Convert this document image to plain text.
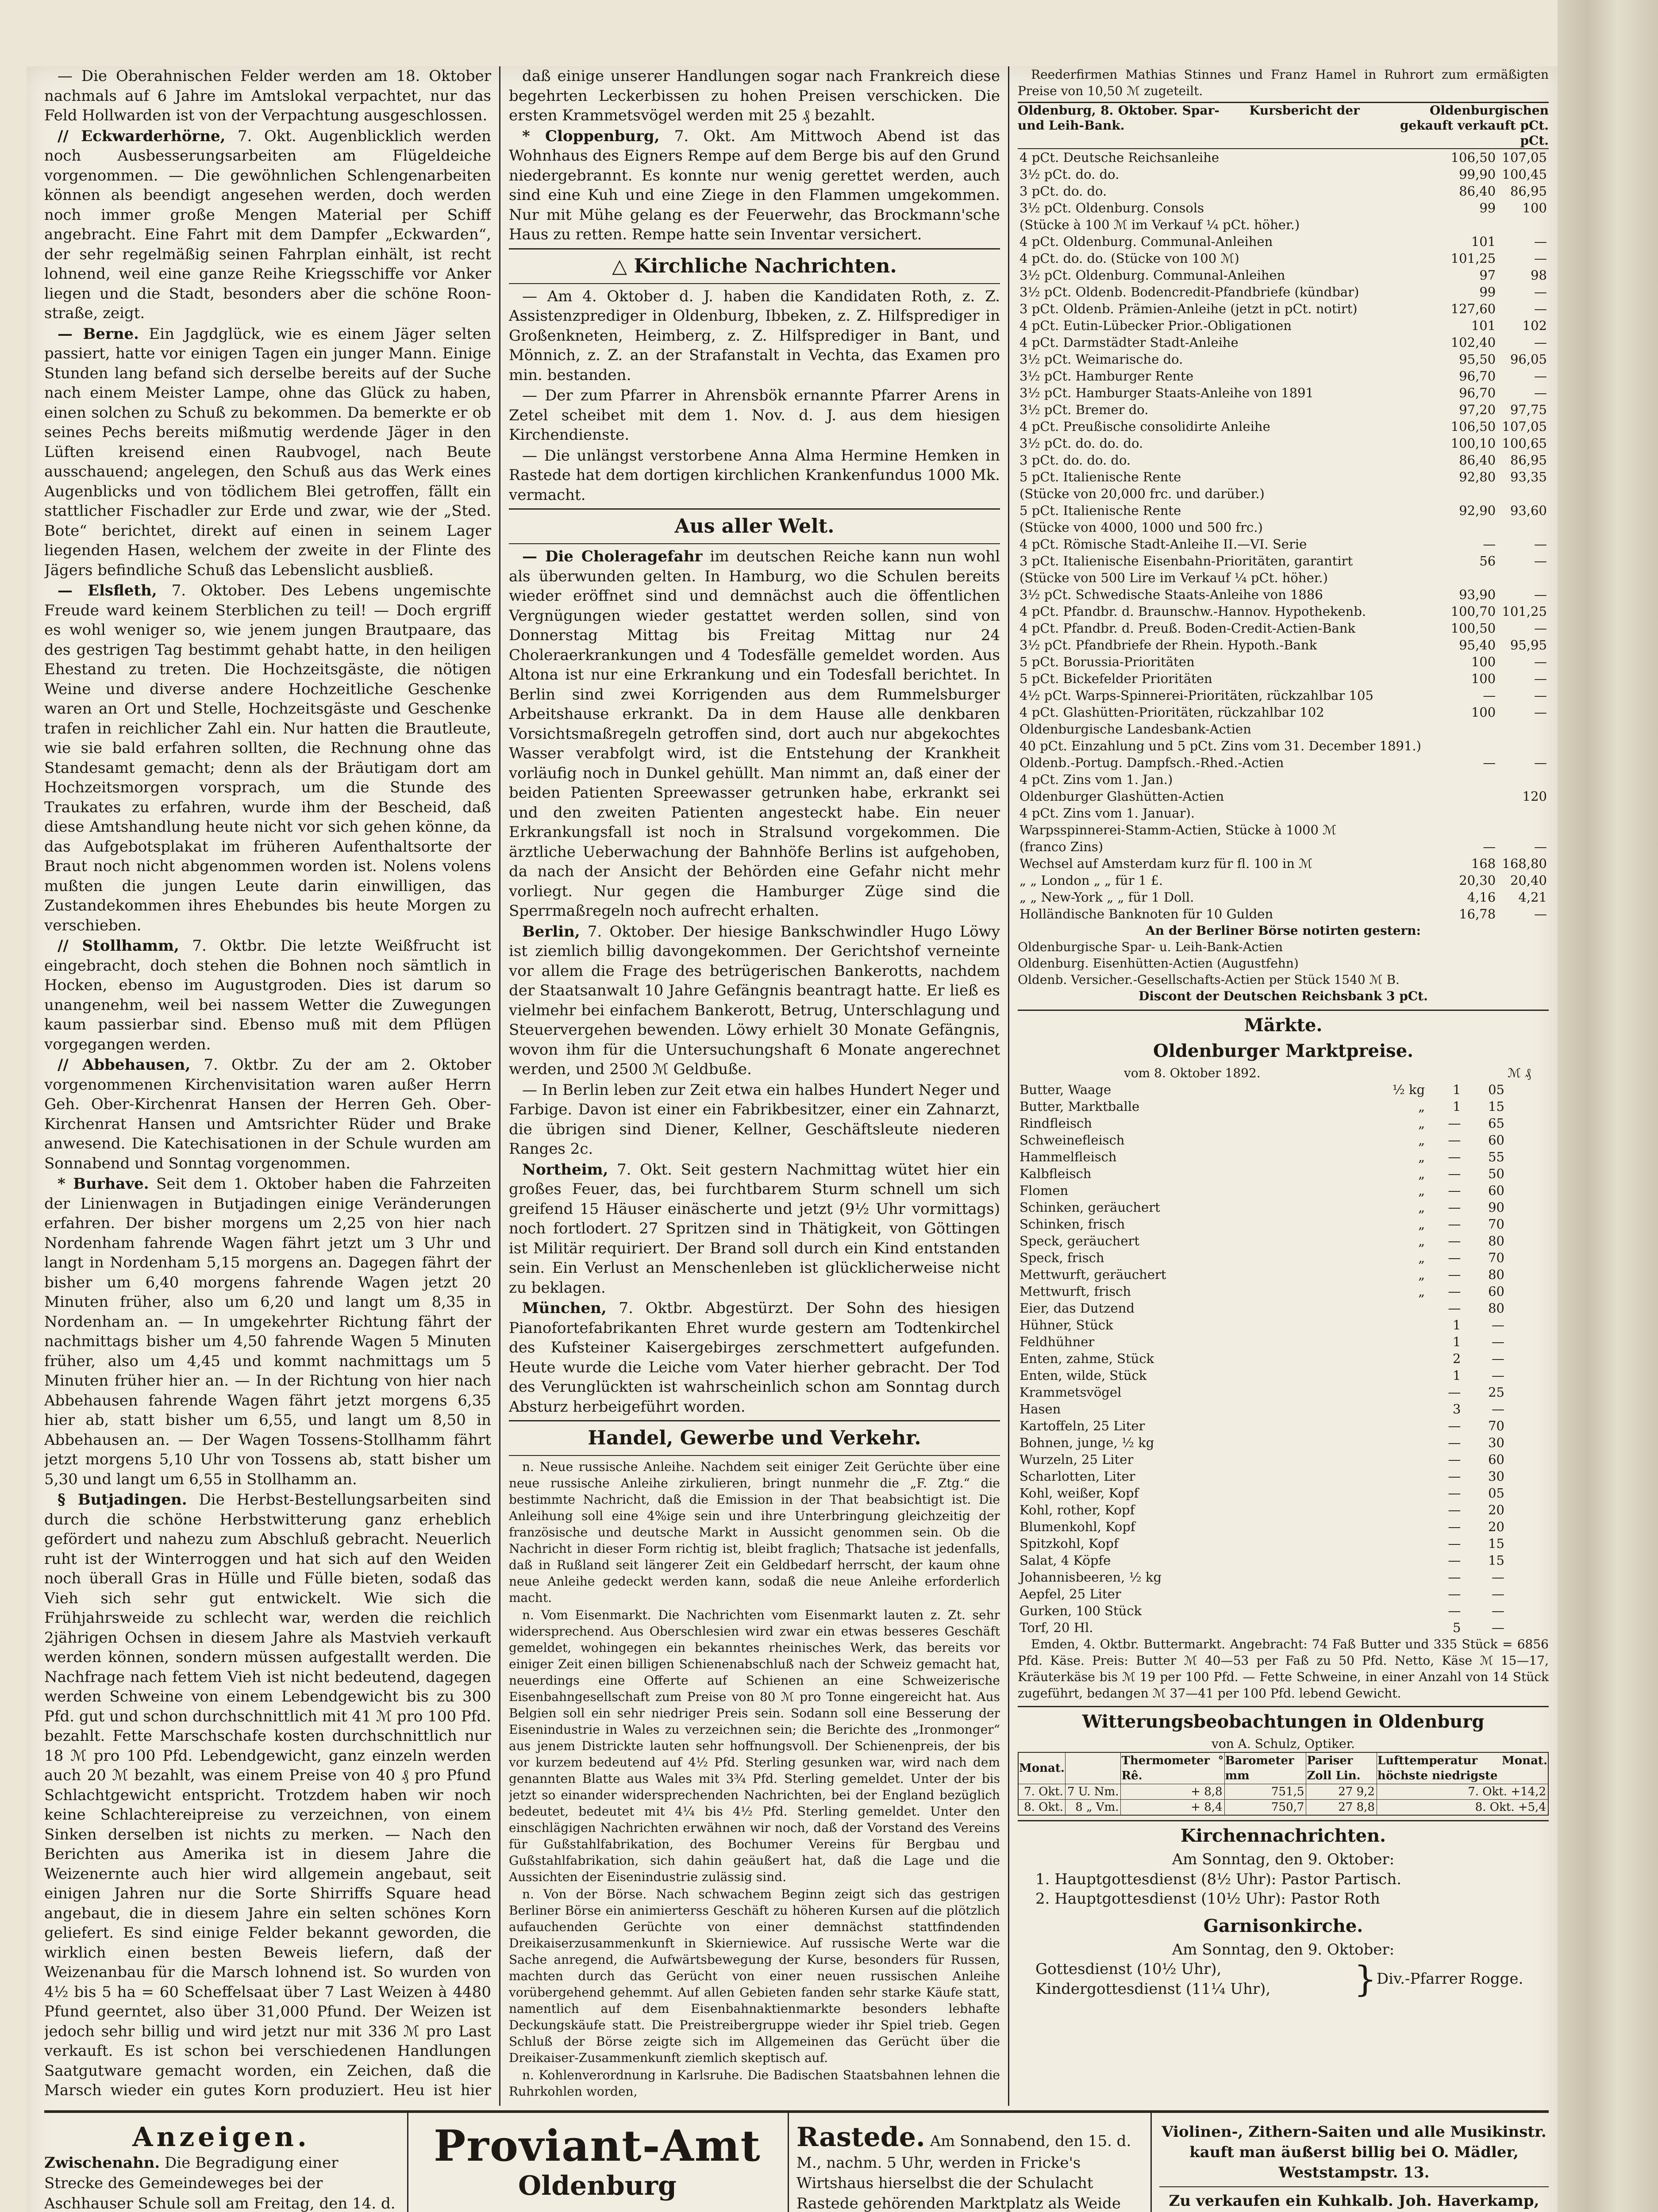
— Die Oberahnischen Felder werden am 18. Oktober nachmals auf 6 Jahre im Amtslokal verpachtet, nur das Feld Hollwarden ist von der Verpachtung ausgeschlossen.

// Eckwarderhörne, 7. Okt. Augenblicklich werden noch Ausbesserungsarbeiten am Flügeldeiche vorgenommen. — Die gewöhnlichen Schlengenarbeiten können als beendigt angesehen werden, doch werden noch immer große Mengen Material per Schiff angebracht. Eine Fahrt mit dem Dampfer „Eckwarden“, der sehr regelmäßig seinen Fahrplan einhält, ist recht lohnend, weil eine ganze Reihe Kriegsschiffe vor Anker liegen und die Stadt, besonders aber die schöne Roon-straße, zeigt.

— Berne. Ein Jagdglück, wie es einem Jäger selten passiert, hatte vor einigen Tagen ein junger Mann. Einige Stunden lang befand sich derselbe bereits auf der Suche nach einem Meister Lampe, ohne das Glück zu haben, einen solchen zu Schuß zu bekommen. Da bemerkte er ob seines Pechs bereits mißmutig werdende Jäger in den Lüften kreisend einen Raubvogel, nach Beute ausschauend; angelegen, den Schuß aus das Werk eines Augenblicks und von tödlichem Blei getroffen, fällt ein stattlicher Fischadler zur Erde und zwar, wie der „Sted. Bote“ berichtet, direkt auf einen in seinem Lager liegenden Hasen, welchem der zweite in der Flinte des Jägers befindliche Schuß das Lebenslicht ausbließ.

— Elsfleth, 7. Oktober. Des Lebens ungemischte Freude ward keinem Sterblichen zu teil! — Doch ergriff es wohl weniger so, wie jenem jungen Brautpaare, das des gestrigen Tag bestimmt gehabt hatte, in den heiligen Ehestand zu treten. Die Hochzeitsgäste, die nötigen Weine und diverse andere Hochzeitliche Geschenke waren an Ort und Stelle, Hochzeitsgäste und Geschenke trafen in reichlicher Zahl ein. Nur hatten die Brautleute, wie sie bald erfahren sollten, die Rechnung ohne das Standesamt gemacht; denn als der Bräutigam dort am Hochzeitsmorgen vorsprach, um die Stunde des Traukates zu erfahren, wurde ihm der Bescheid, daß diese Amtshandlung heute nicht vor sich gehen könne, da das Aufgebotsplakat im früheren Aufenthaltsorte der Braut noch nicht abgenommen worden ist. Nolens volens mußten die jungen Leute darin einwilligen, das Zustandekommen ihres Ehebundes bis heute Morgen zu verschieben.

// Stollhamm, 7. Oktbr. Die letzte Weißfrucht ist eingebracht, doch stehen die Bohnen noch sämtlich in Hocken, ebenso im Augustgroden. Dies ist darum so unangenehm, weil bei nassem Wetter die Zuwegungen kaum passierbar sind. Ebenso muß mit dem Pflügen vorgegangen werden.

// Abbehausen, 7. Oktbr. Zu der am 2. Oktober vorgenommenen Kirchenvisitation waren außer Herrn Geh. Ober-Kirchenrat Hansen der Herren Geh. Ober-Kirchenrat Hansen und Amtsrichter Rüder und Brake anwesend. Die Katechisationen in der Schule wurden am Sonnabend und Sonntag vorgenommen.

* Burhave. Seit dem 1. Oktober haben die Fahrzeiten der Linienwagen in Butjadingen einige Veränderungen erfahren. Der bisher morgens um 2,25 von hier nach Nordenham fahrende Wagen fährt jetzt um 3 Uhr und langt in Nordenham 5,15 morgens an. Dagegen fährt der bisher um 6,40 morgens fahrende Wagen jetzt 20 Minuten früher, also um 6,20 und langt um 8,35 in Nordenham an. — In umgekehrter Richtung fährt der nachmittags bisher um 4,50 fahrende Wagen 5 Minuten früher, also um 4,45 und kommt nachmittags um 5 Minuten früher hier an. — In der Richtung von hier nach Abbehausen fahrende Wagen fährt jetzt morgens 6,35 hier ab, statt bisher um 6,55, und langt um 8,50 in Abbehausen an. — Der Wagen Tossens-Stollhamm fährt jetzt morgens 5,10 Uhr von Tossens ab, statt bisher um 5,30 und langt um 6,55 in Stollhamm an.

§ Butjadingen. Die Herbst-Bestellungsarbeiten sind durch die schöne Herbstwitterung ganz erheblich gefördert und nahezu zum Abschluß gebracht. Neuerlich ruht ist der Winterroggen und hat sich auf den Weiden noch überall Gras in Hülle und Fülle bieten, sodaß das Vieh sich sehr gut entwickelt. Wie sich die Frühjahrsweide zu schlecht war, werden die reichlich 2jährigen Ochsen in diesem Jahre als Mastvieh verkauft werden können, sondern müssen aufgestallt werden. Die Nachfrage nach fettem Vieh ist nicht bedeutend, dagegen werden Schweine von einem Lebendgewicht bis zu 300 Pfd. gut und schon durchschnittlich mit 41 ℳ pro 100 Pfd. bezahlt. Fette Marschschafe kosten durchschnittlich nur 18 ℳ pro 100 Pfd. Lebendgewicht, ganz einzeln werden auch 20 ℳ bezahlt, was einem Preise von 40 ₰ pro Pfund Schlachtgewicht entspricht. Trotzdem haben wir noch keine Schlachtereipreise zu verzeichnen, von einem Sinken derselben ist nichts zu merken. — Nach den Berichten aus Amerika ist in diesem Jahre die Weizenernte auch hier wird allgemein angebaut, seit einigen Jahren nur die Sorte Shirriffs Square head angebaut, die in diesem Jahre ein selten schönes Korn geliefert. Es sind einige Felder bekannt geworden, die wirklich einen besten Beweis liefern, daß der Weizenanbau für die Marsch lohnend ist. So wurden von 4½ bis 5 ha = 60 Scheffelsaat über 7 Last Weizen à 4480 Pfund geerntet, also über 31,000 Pfund. Der Weizen ist jedoch sehr billig und wird jetzt nur mit 336 ℳ pro Last verkauft. Es ist schon bei verschiedenen Handlungen Saatgutware gemacht worden, ein Zeichen, daß die Marsch wieder ein gutes Korn produziert. Heu ist hier

daß einige unserer Handlungen sogar nach Frankreich diese begehrten Leckerbissen zu hohen Preisen verschicken. Die ersten Krammetsvögel werden mit 25 ₰ bezahlt.

* Cloppenburg, 7. Okt. Am Mittwoch Abend ist das Wohnhaus des Eigners Rempe auf dem Berge bis auf den Grund niedergebrannt. Es konnte nur wenig gerettet werden, auch sind eine Kuh und eine Ziege in den Flammen umgekommen. Nur mit Mühe gelang es der Feuerwehr, das Brockmann'sche Haus zu retten. Rempe hatte sein Inventar versichert.

△ Kirchliche Nachrichten.

— Am 4. Oktober d. J. haben die Kandidaten Roth, z. Z. Assistenzprediger in Oldenburg, Ibbeken, z. Z. Hilfsprediger in Großenkneten, Heimberg, z. Z. Hilfsprediger in Bant, und Mönnich, z. Z. an der Strafanstalt in Vechta, das Examen pro min. bestanden.

— Der zum Pfarrer in Ahrensbök ernannte Pfarrer Arens in Zetel scheibet mit dem 1. Nov. d. J. aus dem hiesigen Kirchendienste.

— Die unlängst verstorbene Anna Alma Hermine Hemken in Rastede hat dem dortigen kirchlichen Krankenfundus 1000 Mk. vermacht.

Aus aller Welt.

— Die Choleragefahr im deutschen Reiche kann nun wohl als überwunden gelten. In Hamburg, wo die Schulen bereits wieder eröffnet sind und demnächst auch die öffentlichen Vergnügungen wieder gestattet werden sollen, sind von Donnerstag Mittag bis Freitag Mittag nur 24 Choleraerkrankungen und 4 Todesfälle gemeldet worden. Aus Altona ist nur eine Erkrankung und ein Todesfall berichtet. In Berlin sind zwei Korrigenden aus dem Rummelsburger Arbeitshause erkrankt. Da in dem Hause alle denkbaren Vorsichtsmaßregeln getroffen sind, dort auch nur abgekochtes Wasser verabfolgt wird, ist die Entstehung der Krankheit vorläufig noch in Dunkel gehüllt. Man nimmt an, daß einer der beiden Patienten Spreewasser getrunken habe, erkrankt sei und den zweiten Patienten angesteckt habe. Ein neuer Erkrankungsfall ist noch in Stralsund vorgekommen. Die ärztliche Ueberwachung der Bahnhöfe Berlins ist aufgehoben, da nach der Ansicht der Behörden eine Gefahr nicht mehr vorliegt. Nur gegen die Hamburger Züge sind die Sperrmaßregeln noch aufrecht erhalten.

Berlin, 7. Oktober. Der hiesige Bankschwindler Hugo Löwy ist ziemlich billig davongekommen. Der Gerichtshof verneinte vor allem die Frage des betrügerischen Bankerotts, nachdem der Staatsanwalt 10 Jahre Gefängnis beantragt hatte. Er ließ es vielmehr bei einfachem Bankerott, Betrug, Unterschlagung und Steuervergehen bewenden. Löwy erhielt 30 Monate Gefängnis, wovon ihm für die Untersuchungshaft 6 Monate angerechnet werden, und 2500 ℳ Geldbuße.

— In Berlin leben zur Zeit etwa ein halbes Hundert Neger und Farbige. Davon ist einer ein Fabrikbesitzer, einer ein Zahnarzt, die übrigen sind Diener, Kellner, Geschäftsleute niederen Ranges 2c.

Northeim, 7. Okt. Seit gestern Nachmittag wütet hier ein großes Feuer, das, bei furchtbarem Sturm schnell um sich greifend 15 Häuser einäscherte und jetzt (9½ Uhr vormittags) noch fortlodert. 27 Spritzen sind in Thätigkeit, von Göttingen ist Militär requiriert. Der Brand soll durch ein Kind entstanden sein. Ein Verlust an Menschenleben ist glücklicherweise nicht zu beklagen.

München, 7. Oktbr. Abgestürzt. Der Sohn des hiesigen Pianofortefabrikanten Ehret wurde gestern am Todtenkirchel des Kufsteiner Kaisergebirges zerschmettert aufgefunden. Heute wurde die Leiche vom Vater hierher gebracht. Der Tod des Verunglückten ist wahrscheinlich schon am Sonntag durch Absturz herbeigeführt worden.

Handel, Gewerbe und Verkehr.

n. Neue russische Anleihe. Nachdem seit einiger Zeit Gerüchte über eine neue russische Anleihe zirkulieren, bringt nunmehr die „F. Ztg.“ die bestimmte Nachricht, daß die Emission in der That beabsichtigt ist. Die Anleihung soll eine 4%ige sein und ihre Unterbringung gleichzeitig der französische und deutsche Markt in Aussicht genommen sein. Ob die Nachricht in dieser Form richtig ist, bleibt fraglich; Thatsache ist jedenfalls, daß in Rußland seit längerer Zeit ein Geldbedarf herrscht, der kaum ohne neue Anleihe gedeckt werden kann, sodaß die neue Anleihe erforderlich macht.

n. Vom Eisenmarkt. Die Nachrichten vom Eisenmarkt lauten z. Zt. sehr widersprechend. Aus Oberschlesien wird zwar ein etwas besseres Geschäft gemeldet, wohingegen ein bekanntes rheinisches Werk, das bereits vor einiger Zeit einen billigen Schienenabschluß nach der Schweiz gemacht hat, neuerdings eine Offerte auf Schienen an eine Schweizerische Eisenbahngesellschaft zum Preise von 80 ℳ pro Tonne eingereicht hat. Aus Belgien soll ein sehr niedriger Preis sein. Sodann soll eine Besserung der Eisenindustrie in Wales zu verzeichnen sein; die Berichte des „Ironmonger“ aus jenem Districkte lauten sehr hoffnungsvoll. Der Schienenpreis, der bis vor kurzem bedeutend auf 4½ Pfd. Sterling gesunken war, wird nach dem genannten Blatte aus Wales mit 3¾ Pfd. Sterling gemeldet. Unter der bis jetzt so einander widersprechenden Nachrichten, bei der England bezüglich bedeutet, bedeutet mit 4¼ bis 4½ Pfd. Sterling gemeldet. Unter den einschlägigen Nachrichten erwähnen wir noch, daß der Vorstand des Vereins für Gußstahlfabrikation, des Bochumer Vereins für Bergbau und Gußstahlfabrikation, sich dahin geäußert hat, daß die Lage und die Aussichten der Eisenindustrie zulässig sind.

n. Von der Börse. Nach schwachem Beginn zeigt sich das gestrigen Berliner Börse ein animierterss Geschäft zu höheren Kursen auf die plötzlich aufauchenden Gerüchte von einer demnächst stattfindenden Dreikaiserzusammenkunft in Skierniewice. Auf russische Werte war die Sache anregend, die Aufwärtsbewegung der Kurse, besonders für Russen, machten durch das Gerücht von einer neuen russischen Anleihe vorübergehend gehemmt. Auf allen Gebieten fanden sehr starke Käufe statt, namentlich auf dem Eisenbahnaktienmarkte besonders lebhafte Deckungskäufe statt. Die Preistreibergruppe wieder ihr Spiel trieb. Gegen Schluß der Börse zeigte sich im Allgemeinen das Gerücht über die Dreikaiser-Zusammenkunft ziemlich skeptisch auf.

n. Kohlenverordnung in Karlsruhe. Die Badischen Staatsbahnen lehnen die Ruhrkohlen worden,

Reederfirmen Mathias Stinnes und Franz Hamel in Ruhrort zum ermäßigten Preise von 10,50 ℳ zugeteilt.

Oldenburg, 8. Oktober. Spar- und Leih-Bank.
Kursbericht der	Oldenburgischen gekauft verkauft pCt. pCt.
4 pCt. Deutsche Reichsanleihe	106,50	107,05
3½ pCt. do. do.	99,90	100,45
3 pCt. do. do.	86,40	86,95
3½ pCt. Oldenburg. Consols	99	100
(Stücke à 100 ℳ im Verkauf ¼ pCt. höher.)		
4 pCt. Oldenburg. Communal-Anleihen	101	—
4 pCt. do. do. (Stücke von 100 ℳ)	101,25	—
3½ pCt. Oldenburg. Communal-Anleihen	97	98
3½ pCt. Oldenb. Bodencredit-Pfandbriefe (kündbar)	99	—
3 pCt. Oldenb. Prämien-Anleihe (jetzt in pCt. notirt)	127,60	—
4 pCt. Eutin-Lübecker Prior.-Obligationen	101	102
4 pCt. Darmstädter Stadt-Anleihe	102,40	—
3½ pCt. Weimarische do.	95,50	96,05
3½ pCt. Hamburger Rente	96,70	—
3½ pCt. Hamburger Staats-Anleihe von 1891	96,70	—
3½ pCt. Bremer do.	97,20	97,75
4 pCt. Preußische consolidirte Anleihe	106,50	107,05
3½ pCt. do. do. do.	100,10	100,65
3 pCt. do. do. do.	86,40	86,95
5 pCt. Italienische Rente	92,80	93,35
(Stücke von 20,000 frc. und darüber.)		
5 pCt. Italienische Rente	92,90	93,60
(Stücke von 4000, 1000 und 500 frc.)		
4 pCt. Römische Stadt-Anleihe II.—VI. Serie	—	—
3 pCt. Italienische Eisenbahn-Prioritäten, garantirt	56	—
(Stücke von 500 Lire im Verkauf ¼ pCt. höher.)		
3½ pCt. Schwedische Staats-Anleihe von 1886	93,90	—
4 pCt. Pfandbr. d. Braunschw.-Hannov. Hypothekenb.	100,70	101,25
4 pCt. Pfandbr. d. Preuß. Boden-Credit-Actien-Bank	100,50	—
3½ pCt. Pfandbriefe der Rhein. Hypoth.-Bank	95,40	95,95
5 pCt. Borussia-Prioritäten	100	—
5 pCt. Bickefelder Prioritäten	100	—
4½ pCt. Warps-Spinnerei-Prioritäten, rückzahlbar 105	—	—
4 pCt. Glashütten-Prioritäten, rückzahlbar 102	100	—
Oldenburgische Landesbank-Actien		
40 pCt. Einzahlung und 5 pCt. Zins vom 31. December 1891.)		
Oldenb.-Portug. Dampfsch.-Rhed.-Actien	—	—
4 pCt. Zins vom 1. Jan.)		
Oldenburger Glashütten-Actien		120
4 pCt. Zins vom 1. Januar).		
Warpsspinnerei-Stamm-Actien, Stücke à 1000 ℳ		
(franco Zins)	—	—
Wechsel auf Amsterdam kurz für fl. 100 in ℳ	168	168,80
„ „ London „ „ für 1 £.	20,30	20,40
„ „ New-York „ „ für 1 Doll.	4,16	4,21
Holländische Banknoten für 10 Gulden	16,78	—
An der Berliner Börse notirten gestern:
Oldenburgische Spar- u. Leih-Bank-Actien
Oldenburg. Eisenhütten-Actien (Augustfehn)
Oldenb. Versicher.-Gesellschafts-Actien per Stück 1540 ℳ B.
Discont der Deutschen Reichsbank 3 pCt.
Märkte.
Oldenburger Marktpreise.
vom 8. Oktober 1892.	ℳ ₰
Butter, Waage	½ kg	1	05
Butter, Marktballe	„	1	15
Rindfleisch	„	—	65
Schweinefleisch	„	—	60
Hammelfleisch	„	—	55
Kalbfleisch	„	—	50
Flomen	„	—	60
Schinken, geräuchert	„	—	90
Schinken, frisch	„	—	70
Speck, geräuchert	„	—	80
Speck, frisch	„	—	70
Mettwurft, geräuchert	„	—	80
Mettwurft, frisch	„	—	60
Eier, das Dutzend		—	80
Hühner, Stück		1	—
Feldhühner		1	—
Enten, zahme, Stück		2	—
Enten, wilde, Stück		1	—
Krammetsvögel		—	25
Hasen		3	—
Kartoffeln, 25 Liter		—	70
Bohnen, junge, ½ kg		—	30
Wurzeln, 25 Liter		—	60
Scharlotten, Liter		—	30
Kohl, weißer, Kopf		—	05
Kohl, rother, Kopf		—	20
Blumenkohl, Kopf		—	20
Spitzkohl, Kopf		—	15
Salat, 4 Köpfe		—	15
Johannisbeeren, ½ kg		—	—
Aepfel, 25 Liter		—	—
Gurken, 100 Stück		—	—
Torf, 20 Hl.		5	—

Emden, 4. Oktbr. Buttermarkt. Angebracht: 74 Faß Butter und 335 Stück = 6856 Pfd. Käse. Preis: Butter ℳ 40—53 per Faß zu 50 Pfd. Netto, Käse ℳ 15—17, Kräuterkäse bis ℳ 19 per 100 Pfd. — Fette Schweine, in einer Anzahl von 14 Stück zugeführt, bedangen ℳ 37—41 per 100 Pfd. lebend Gewicht.

Witterungsbeobachtungen in Oldenburg
von A. Schulz, Optiker.
Monat.		Thermometer ° Rê.	Barometer mm	Pariser Zoll Lin.	Lufttemperatur Monat. höchste niedrigste
7. Okt.	7 U. Nm.	+ 8,8	751,5	27 9,2	7. Okt. +14,2
8. Okt.	8 „ Vm.	+ 8,4	750,7	27 8,8	8. Okt. +5,4
Kirchennachrichten.
Am Sonntag, den 9. Oktober:
1. Hauptgottesdienst (8½ Uhr): Pastor Partisch.
2. Hauptgottesdienst (10½ Uhr): Pastor Roth
Garnisonkirche.
Am Sonntag, den 9. Oktober:
Gottesdienst (10½ Uhr),
Kindergottesdienst (11¼ Uhr),	} Div.-Pfarrer Rogge.
Anzeigen.

Zwischenahn. Die Begradigung einer Strecke des Gemeindeweges bei der Aschhauser Schule soll am Freitag, den 14. d.

Proviant-Amt
Oldenburg

Rastede. Am Sonnabend, den 15. d. M., nachm. 5 Uhr, werden in Fricke's Wirtshaus hierselbst die der Schulacht Rastede gehörenden Marktplatz als Weide

Violinen-, Zithern-Saiten und alle Musikinstr. kauft man äußerst billig bei O. Mädler, Weststampstr. 13.
Zu verkaufen ein Kuhkalb. Joh. Haverkamp,
